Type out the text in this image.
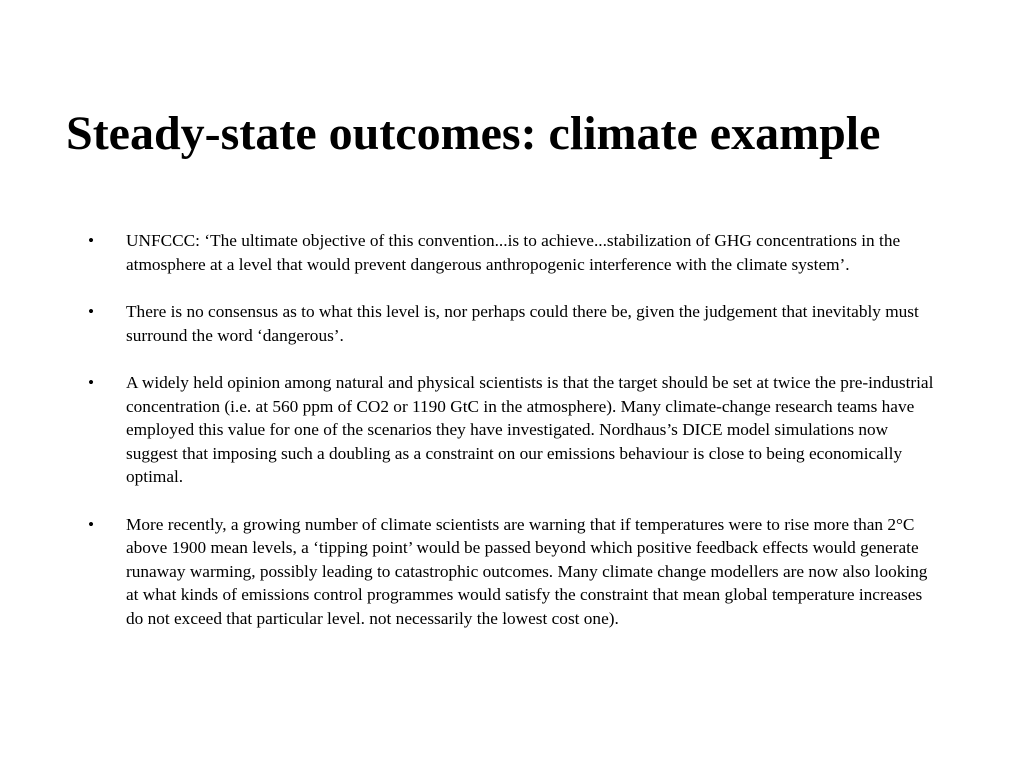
Steady-state outcomes: climate example
• UNFCCC: ‘The ultimate objective of this convention...is to achieve...stabilization of GHG concentrations in the atmosphere at a level that would prevent dangerous anthropogenic interference with the climate system’.
• There is no consensus as to what this level is, nor perhaps could there be, given the judgement that inevitably must surround the word ‘dangerous’.
• A widely held opinion among natural and physical scientists is that the target should be set at twice the pre-industrial concentration (i.e. at 560 ppm of CO2 or 1190 GtC in the atmosphere). Many climate-change research teams have employed this value for one of the scenarios they have investigated. Nordhaus’s DICE model simulations now suggest that imposing such a doubling as a constraint on our emissions behaviour is close to being economically optimal.
• More recently, a growing number of climate scientists are warning that if temperatures were to rise more than 2°C above 1900 mean levels, a ‘tipping point’ would be passed beyond which positive feedback effects would generate runaway warming, possibly leading to catastrophic outcomes. Many climate change modellers are now also looking at what kinds of emissions control programmes would satisfy the constraint that mean global temperature increases do not exceed that particular level. not necessarily the lowest cost one).
